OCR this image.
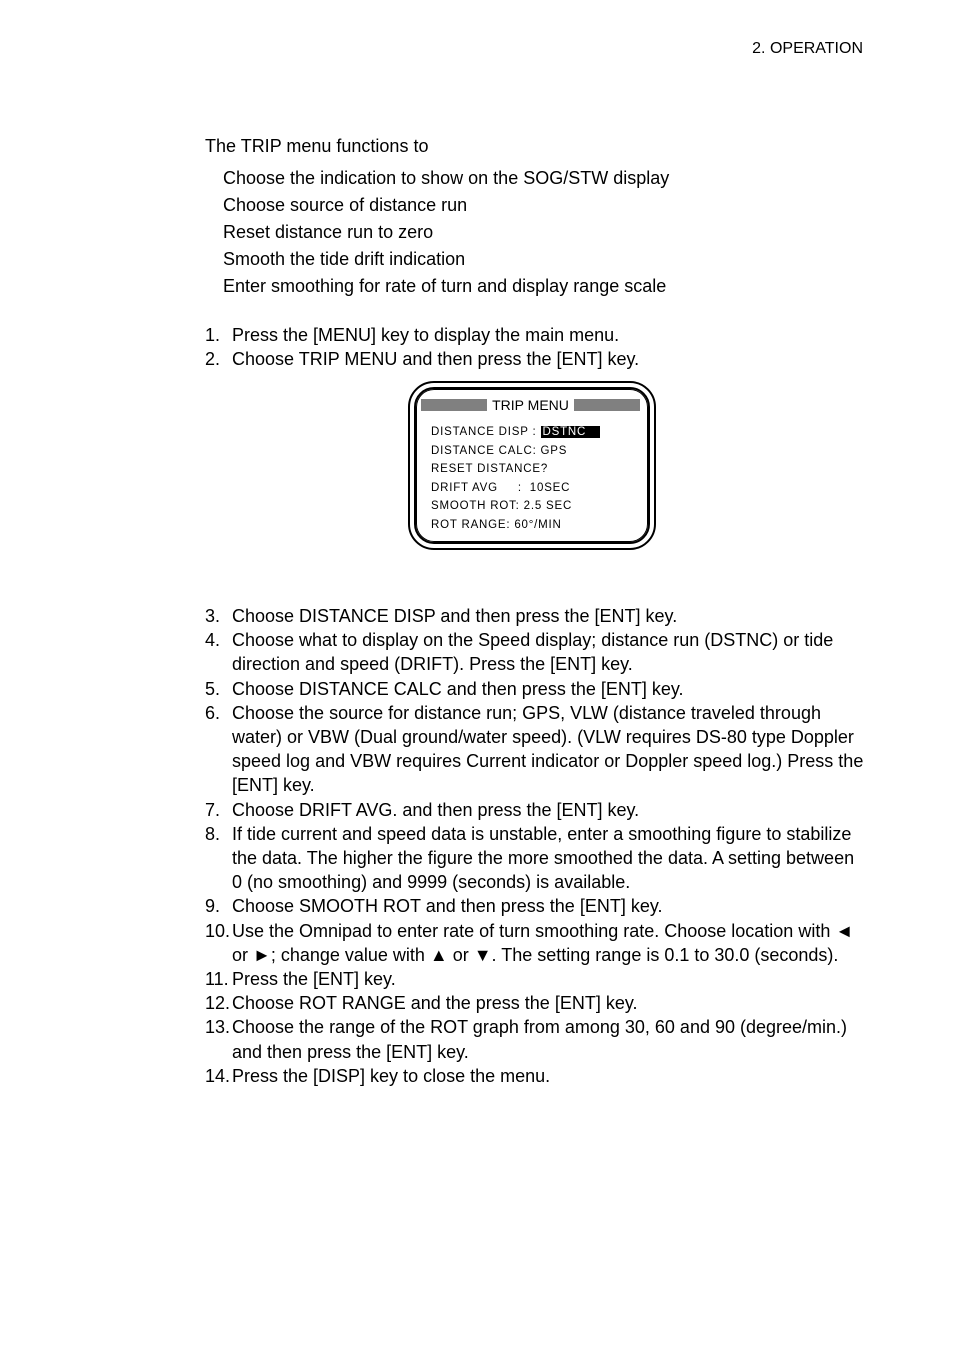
2. OPERATION
The TRIP menu functions to
Choose the indication to show on the SOG/STW display
Choose source of distance run
Reset distance run to zero
Smooth the tide drift indication
Enter smoothing for rate of turn and display range scale
1. Press the [MENU] key to display the main menu.
2. Choose TRIP MENU and then press the [ENT] key.
TRIP MENU
DISTANCE DISP : DSTNC
DISTANCE CALC: GPS
RESET DISTANCE?
DRIFT AVG     :  10SEC
SMOOTH ROT: 2.5 SEC
ROT RANGE: 60°/MIN
3. Choose DISTANCE DISP and then press the [ENT] key.
4. Choose what to display on the Speed display; distance run (DSTNC) or tide direction and speed (DRIFT). Press the [ENT] key.
5. Choose DISTANCE CALC and then press the [ENT] key.
6. Choose the source for distance run; GPS, VLW (distance traveled through water) or VBW (Dual ground/water speed). (VLW requires DS-80 type Doppler speed log and VBW requires Current indicator or Doppler speed log.) Press the [ENT] key.
7. Choose DRIFT AVG. and then press the [ENT] key.
8. If tide current and speed data is unstable, enter a smoothing figure to stabilize the data. The higher the figure the more smoothed the data. A setting between 0 (no smoothing) and 9999 (seconds) is available.
9. Choose SMOOTH ROT and then press the [ENT] key.
10. Use the Omnipad to enter rate of turn smoothing rate. Choose location with ◄ or ►; change value with ▲ or ▼. The setting range is 0.1 to 30.0 (seconds).
11. Press the [ENT] key.
12. Choose ROT RANGE and the press the [ENT] key.
13. Choose the range of the ROT graph from among 30, 60 and 90 (degree/min.) and then press the [ENT] key.
14. Press the [DISP] key to close the menu.
